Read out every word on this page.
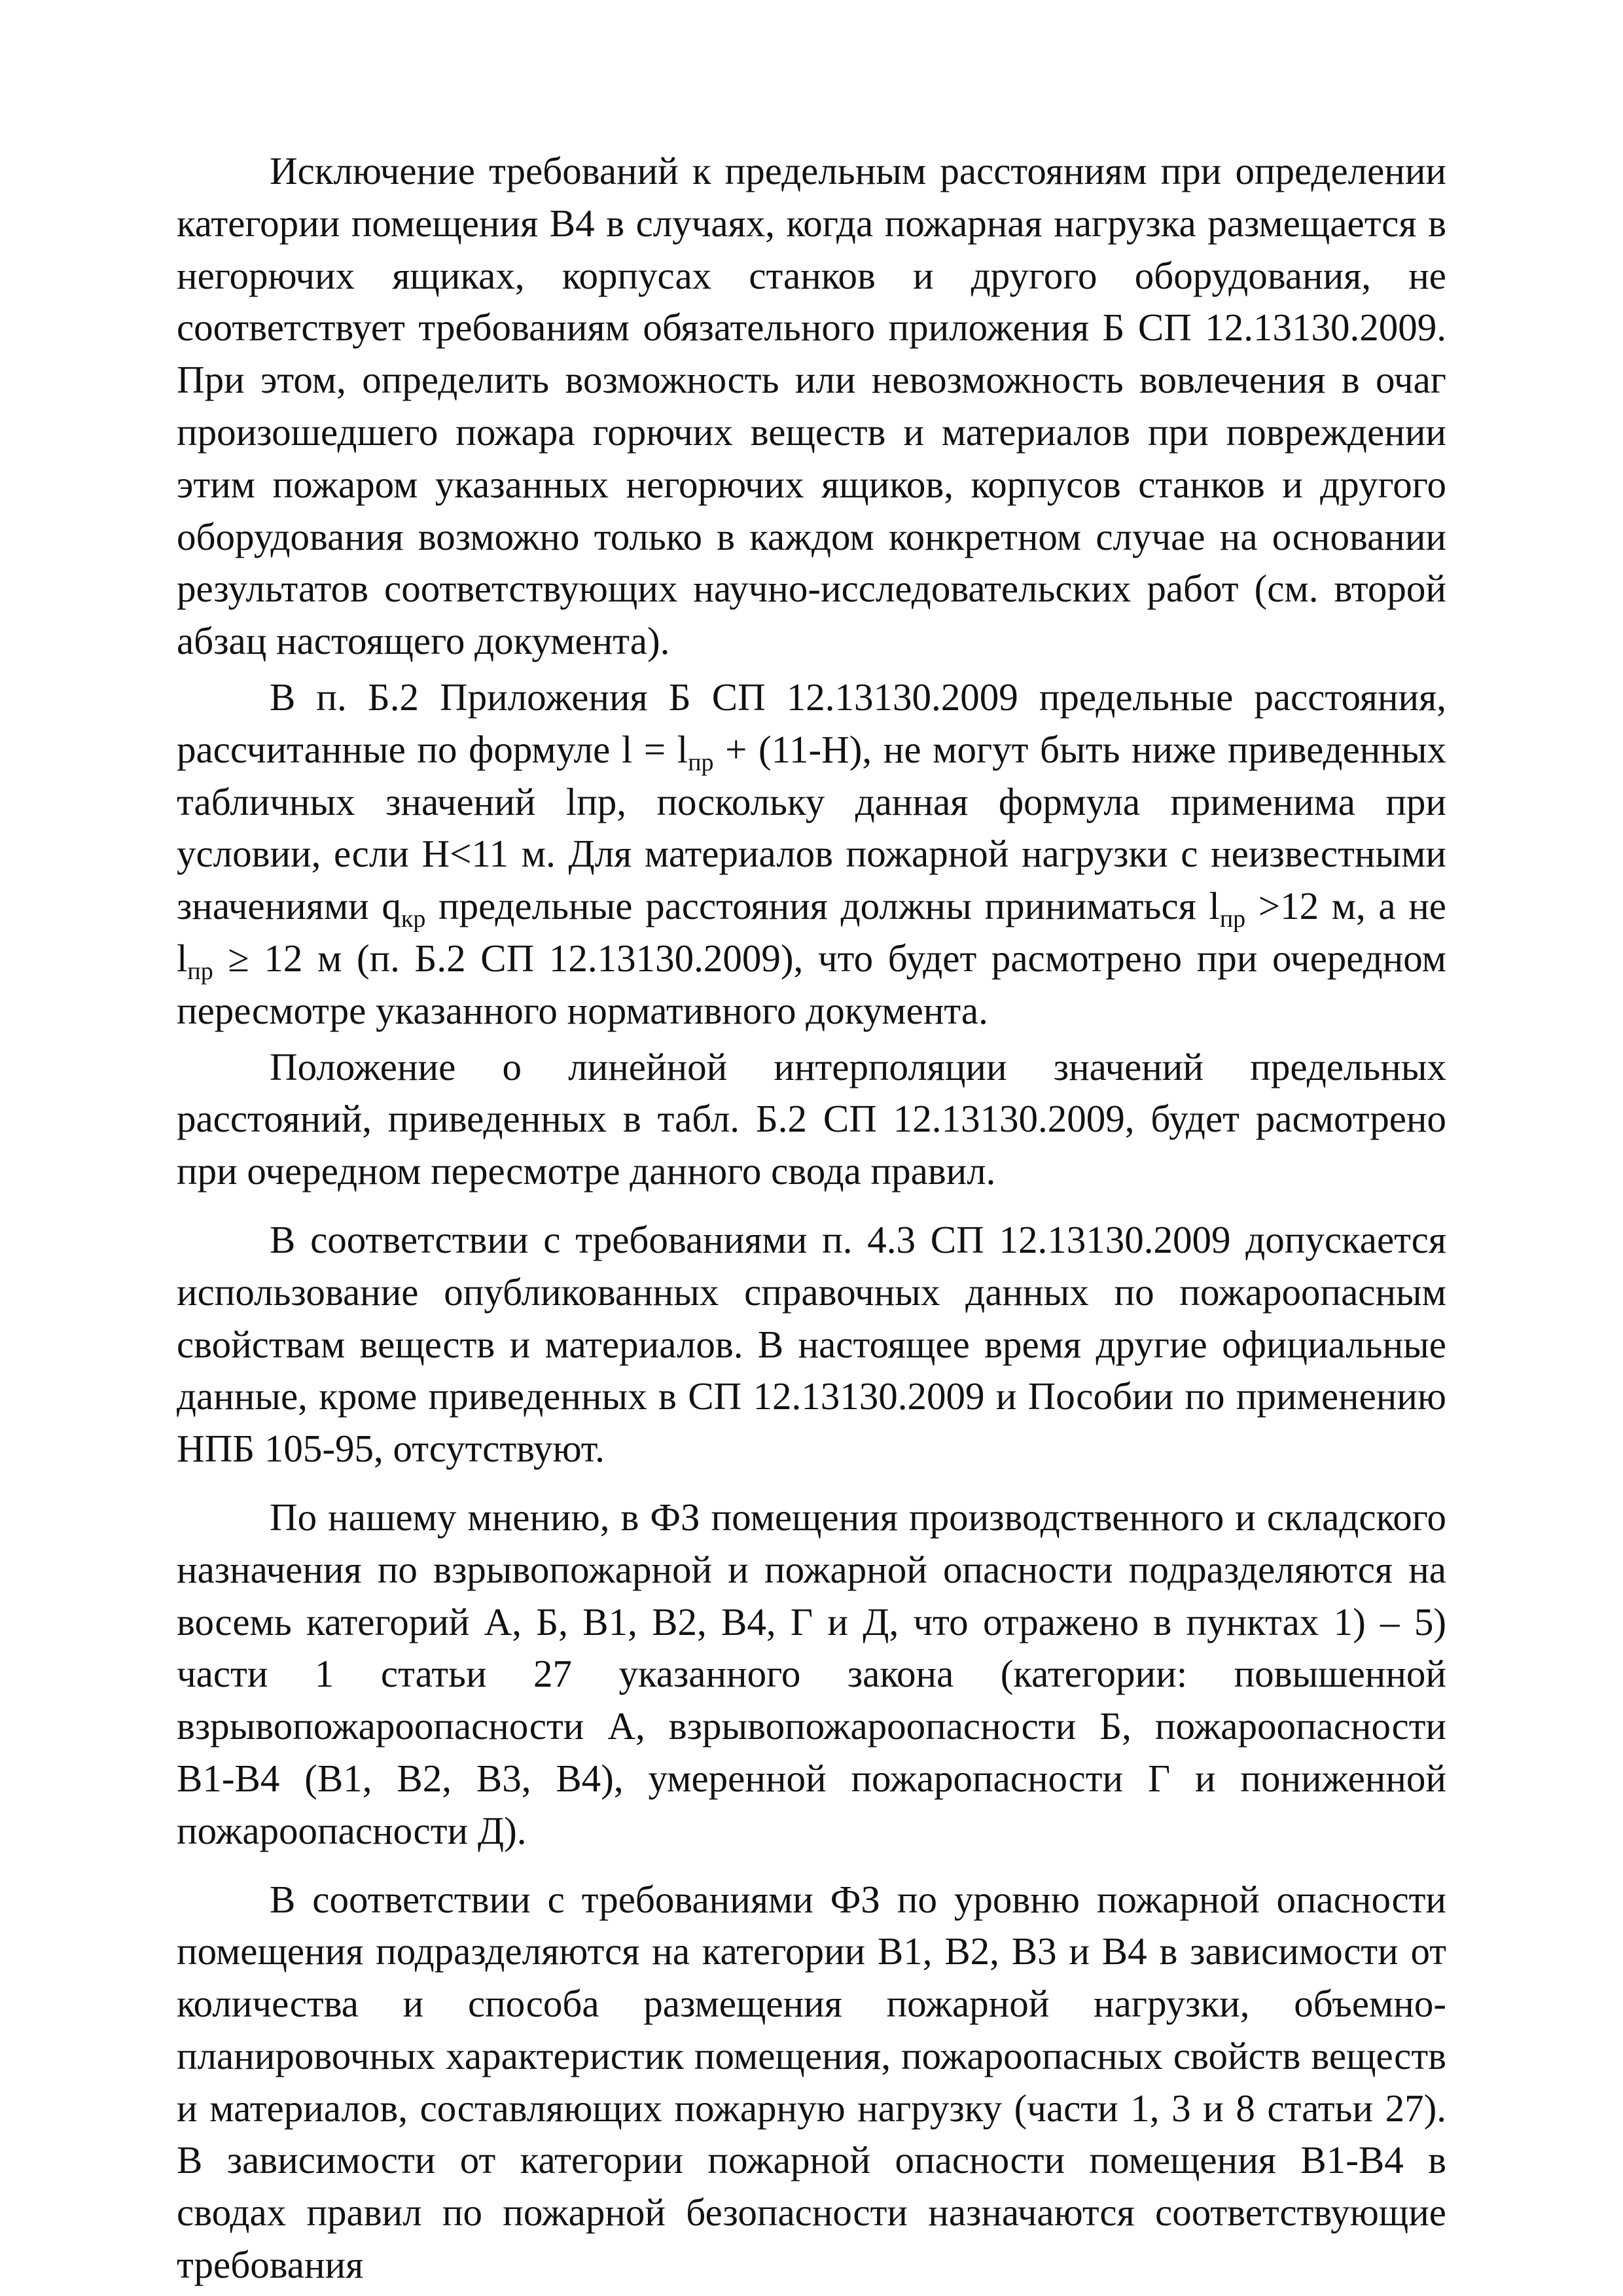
Исключение требований к предельным расстояниям при определении категории помещения В4 в случаях, когда пожарная нагрузка размещается в негорючих ящиках, корпусах станков и другого оборудования, не соответствует требованиям обязательного приложения Б СП 12.13130.2009. При этом, определить возможность или невозможность вовлечения в очаг произошедшего пожара горючих веществ и материалов при повреждении этим пожаром указанных негорючих ящиков, корпусов станков и другого оборудования возможно только в каждом конкретном случае на основании результатов соответствующих научно-исследовательских работ (см. второй абзац настоящего документа).

В п. Б.2 Приложения Б СП 12.13130.2009 предельные расстояния, рассчитанные по формуле $l = l_{пр} + (11-H)$, не могут быть ниже приведенных табличных значений lпр, поскольку данная формула применима при условии, если H<11 м. Для материалов пожарной нагрузки с неизвестными значениями $q_{кр}$ предельные расстояния должны приниматься $l_{пр} >12$ м, а не $l_{пр} \ge 12$ м (п. Б.2 СП 12.13130.2009), что будет расмотрено при очередном пересмотре указанного нормативного документа.

Положение о линейной интерполяции значений предельных расстояний, приведенных в табл. Б.2 СП 12.13130.2009, будет расмотрено при очередном пересмотре данного свода правил.

В соответствии с требованиями п. 4.3 СП 12.13130.2009 допускается использование опубликованных справочных данных по пожароопасным свойствам веществ и материалов. В настоящее время другие официальные данные, кроме приведенных в СП 12.13130.2009 и Пособии по применению НПБ 105-95, отсутствуют.

По нашему мнению, в ФЗ помещения производственного и складского назначения по взрывопожарной и пожарной опасности подразделяются на восемь категорий А, Б, В1, В2, В4, Г и Д, что отражено в пунктах 1) – 5) части 1 статьи 27 указанного закона (категории: повышенной взрывопожароопасности А, взрывопожароопасности Б, пожароопасности В1-В4 (В1, В2, В3, В4), умеренной пожаропасности Г и пониженной пожароопасности Д).

В соответствии с требованиями ФЗ по уровню пожарной опасности помещения подразделяются на категории В1, В2, В3 и В4 в зависимости от количества и способа размещения пожарной нагрузки, объемно-планировочных характеристик помещения, пожароопасных свойств веществ и материалов, составляющих пожарную нагрузку (части 1, 3 и 8 статьи 27). В зависимости от категории пожарной опасности помещения В1-В4 в сводах правил по пожарной безопасности назначаются соответствующие требования
